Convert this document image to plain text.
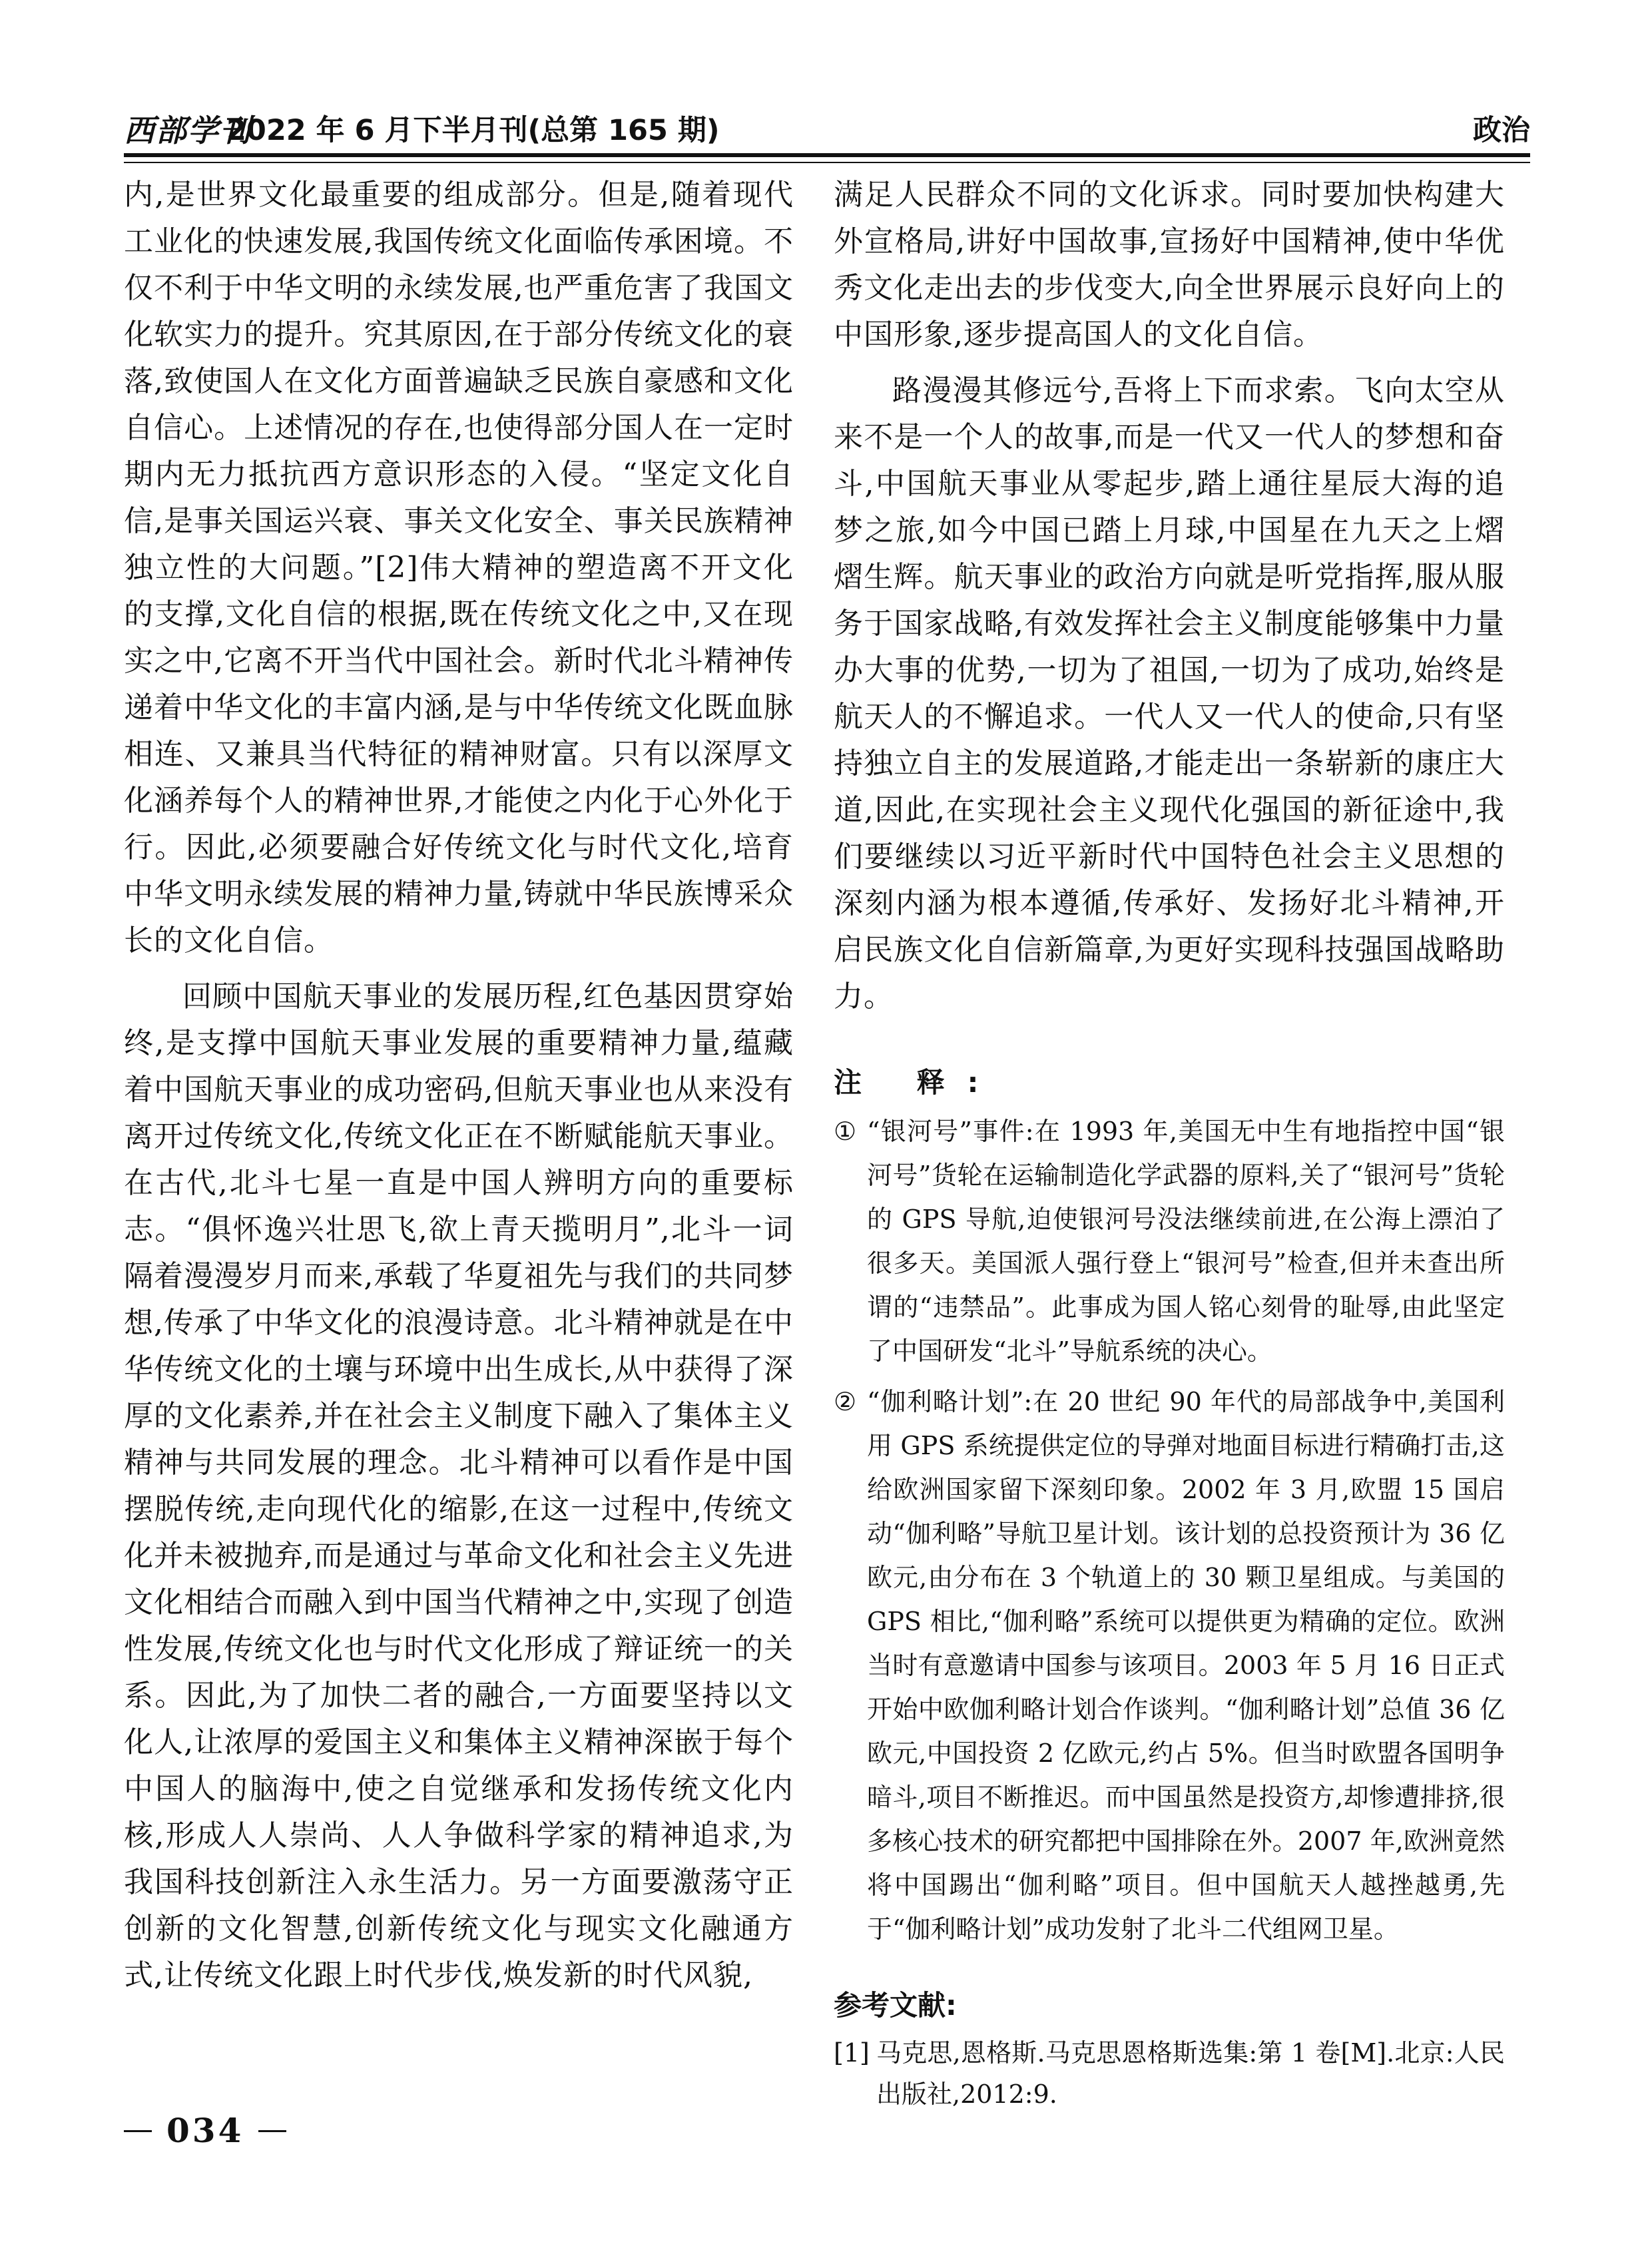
西部学刊
2022 年 6 月下半月刊(总第 165 期)	政治

内,是世界文化最重要的组成部分。但是,随着现代工业化的快速发展,我国传统文化面临传承困境。不仅不利于中华文明的永续发展,也严重危害了我国文化软实力的提升。究其原因,在于部分传统文化的衰落,致使国人在文化方面普遍缺乏民族自豪感和文化自信心。上述情况的存在,也使得部分国人在一定时期内无力抵抗西方意识形态的入侵。“坚定文化自信,是事关国运兴衰、事关文化安全、事关民族精神独立性的大问题。”[2]伟大精神的塑造离不开文化的支撑,文化自信的根据,既在传统文化之中,又在现实之中,它离不开当代中国社会。新时代北斗精神传递着中华文化的丰富内涵,是与中华传统文化既血脉相连、又兼具当代特征的精神财富。只有以深厚文化涵养每个人的精神世界,才能使之内化于心外化于行。因此,必须要融合好传统文化与时代文化,培育中华文明永续发展的精神力量,铸就中华民族博采众长的文化自信。

回顾中国航天事业的发展历程,红色基因贯穿始终,是支撑中国航天事业发展的重要精神力量,蕴藏着中国航天事业的成功密码,但航天事业也从来没有离开过传统文化,传统文化正在不断赋能航天事业。在古代,北斗七星一直是中国人辨明方向的重要标志。“俱怀逸兴壮思飞,欲上青天揽明月”,北斗一词隔着漫漫岁月而来,承载了华夏祖先与我们的共同梦想,传承了中华文化的浪漫诗意。北斗精神就是在中华传统文化的土壤与环境中出生成长,从中获得了深厚的文化素养,并在社会主义制度下融入了集体主义精神与共同发展的理念。北斗精神可以看作是中国摆脱传统,走向现代化的缩影,在这一过程中,传统文化并未被抛弃,而是通过与革命文化和社会主义先进文化相结合而融入到中国当代精神之中,实现了创造性发展,传统文化也与时代文化形成了辩证统一的关系。因此,为了加快二者的融合,一方面要坚持以文化人,让浓厚的爱国主义和集体主义精神深嵌于每个中国人的脑海中,使之自觉继承和发扬传统文化内核,形成人人崇尚、人人争做科学家的精神追求,为我国科技创新注入永生活力。另一方面要激荡守正创新的文化智慧,创新传统文化与现实文化融通方式,让传统文化跟上时代步伐,焕发新的时代风貌,

满足人民群众不同的文化诉求。同时要加快构建大外宣格局,讲好中国故事,宣扬好中国精神,使中华优秀文化走出去的步伐变大,向全世界展示良好向上的中国形象,逐步提高国人的文化自信。

路漫漫其修远兮,吾将上下而求索。飞向太空从来不是一个人的故事,而是一代又一代人的梦想和奋斗,中国航天事业从零起步,踏上通往星辰大海的追梦之旅,如今中国已踏上月球,中国星在九天之上熠熠生辉。航天事业的政治方向就是听党指挥,服从服务于国家战略,有效发挥社会主义制度能够集中力量办大事的优势,一切为了祖国,一切为了成功,始终是航天人的不懈追求。一代人又一代人的使命,只有坚持独立自主的发展道路,才能走出一条崭新的康庄大道,因此,在实现社会主义现代化强国的新征途中,我们要继续以习近平新时代中国特色社会主义思想的深刻内涵为根本遵循,传承好、发扬好北斗精神,开启民族文化自信新篇章,为更好实现科技强国战略助力。

注 释:
① “银河号”事件:在 1993 年,美国无中生有地指控中国“银河号”货轮在运输制造化学武器的原料,关了“银河号”货轮的 GPS 导航,迫使银河号没法继续前进,在公海上漂泊了很多天。美国派人强行登上“银河号”检查,但并未查出所谓的“违禁品”。此事成为国人铭心刻骨的耻辱,由此坚定了中国研发“北斗”导航系统的决心。
② “伽利略计划”:在 20 世纪 90 年代的局部战争中,美国利用 GPS 系统提供定位的导弹对地面目标进行精确打击,这给欧洲国家留下深刻印象。2002 年 3 月,欧盟 15 国启动“伽利略”导航卫星计划。该计划的总投资预计为 36 亿欧元,由分布在 3 个轨道上的 30 颗卫星组成。与美国的 GPS 相比,“伽利略”系统可以提供更为精确的定位。欧洲当时有意邀请中国参与该项目。2003 年 5 月 16 日正式开始中欧伽利略计划合作谈判。“伽利略计划”总值 36 亿欧元,中国投资 2 亿欧元,约占 5%。但当时欧盟各国明争暗斗,项目不断推迟。而中国虽然是投资方,却惨遭排挤,很多核心技术的研究都把中国排除在外。2007 年,欧洲竟然将中国踢出“伽利略”项目。但中国航天人越挫越勇,先于“伽利略计划”成功发射了北斗二代组网卫星。
参考文献:
[1] 马克思,恩格斯.马克思恩格斯选集:第 1 卷[M].北京:人民出版社,2012:9.
034
